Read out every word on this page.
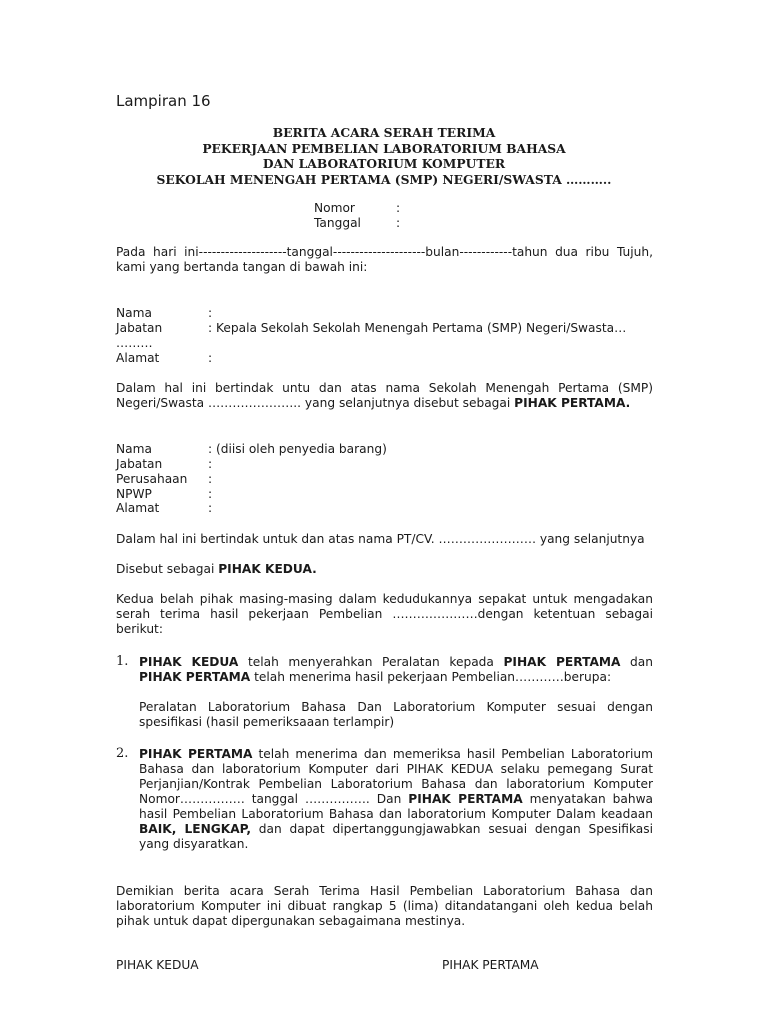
Lampiran 16
BERITA ACARA SERAH TERIMA
PEKERJAAN PEMBELIAN LABORATORIUM BAHASA
DAN LABORATORIUM KOMPUTER
SEKOLAH MENENGAH PERTAMA (SMP) NEGERI/SWASTA ………..
Nomor	:
Tanggal	:
Pada hari ini--------------------tanggal---------------------bulan------------tahun dua ribu Tujuh, kami yang bertanda tangan di bawah ini:
Nama	:
Jabatan	: Kepala Sekolah Sekolah Menengah Pertama (SMP) Negeri/Swasta…
………
Alamat	:
Dalam hal ini bertindak untu dan atas nama Sekolah Menengah Pertama (SMP) Negeri/Swasta ………………….. yang selanjutnya disebut sebagai PIHAK PERTAMA.
Nama	: (diisi oleh penyedia barang)
Jabatan	:
Perusahaan :
NPWP	:
Alamat	:
Dalam hal ini bertindak untuk dan atas nama PT/CV. …………………… yang selanjutnya
Disebut sebagai PIHAK KEDUA.
Kedua belah pihak masing-masing dalam kedudukannya sepakat untuk mengadakan serah terima hasil pekerjaan Pembelian …………………dengan ketentuan sebagai berikut:
1. PIHAK KEDUA telah menyerahkan Peralatan kepada PIHAK PERTAMA dan PIHAK PERTAMA telah menerima hasil pekerjaan Pembelian…………berupa:
Peralatan Laboratorium Bahasa Dan Laboratorium Komputer sesuai dengan spesifikasi (hasil pemeriksaaan terlampir)
2. PIHAK PERTAMA telah menerima dan memeriksa hasil Pembelian Laboratorium Bahasa dan laboratorium Komputer dari PIHAK KEDUA selaku pemegang Surat Perjanjian/Kontrak Pembelian Laboratorium Bahasa dan laboratorium Komputer Nomor……………. tanggal ……………. Dan PIHAK PERTAMA menyatakan bahwa hasil Pembelian Laboratorium Bahasa dan laboratorium Komputer Dalam keadaan BAIK, LENGKAP, dan dapat dipertanggungjawabkan sesuai dengan Spesifikasi yang disyaratkan.
Demikian berita acara Serah Terima Hasil Pembelian Laboratorium Bahasa dan laboratorium Komputer ini dibuat rangkap 5 (lima) ditandatangani oleh kedua belah pihak untuk dapat dipergunakan sebagaimana mestinya.
PIHAK KEDUA	PIHAK PERTAMA
